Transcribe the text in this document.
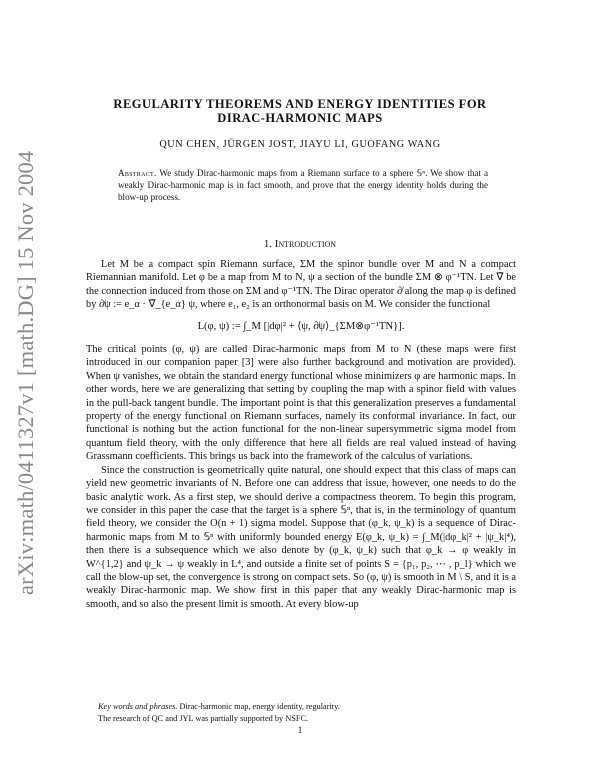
arXiv:math/0411327v1 [math.DG] 15 Nov 2004
REGULARITY THEOREMS AND ENERGY IDENTITIES FOR
DIRAC-HARMONIC MAPS
QUN CHEN, JÜRGEN JOST, JIAYU LI, GUOFANG WANG
Abstract. We study Dirac-harmonic maps from a Riemann surface to a sphere 𝕊ⁿ. We show that a weakly Dirac-harmonic map is in fact smooth, and prove that the energy identity holds during the blow-up process.
1. Introduction

Let M be a compact spin Riemann surface, ΣM the spinor bundle over M and N a compact Riemannian manifold. Let φ be a map from M to N, ψ a section of the bundle ΣM ⊗ φ⁻¹TN. Let ∇̃ be the connection induced from those on ΣM and φ⁻¹TN. The Dirac operator ∂̸ along the map φ is defined by ∂̸ψ := e_α · ∇̃_{e_α} ψ, where e₁, e₂ is an orthonormal basis on M. We consider the functional

L(φ, ψ) := ∫_M [|dφ|² + ⟨ψ, ∂̸ψ⟩_{ΣM⊗φ⁻¹TN}].

The critical points (φ, ψ) are called Dirac-harmonic maps from M to N (these maps were first introduced in our companion paper [3] were also further background and motivation are provided). When ψ vanishes, we obtain the standard energy functional whose minimizers φ are harmonic maps. In other words, here we are generalizing that setting by coupling the map with a spinor field with values in the pull-back tangent bundle. The important point is that this generalization preserves a fundamental property of the energy functional on Riemann surfaces, namely its conformal invariance. In fact, our functional is nothing but the action functional for the non-linear supersymmetric sigma model from quantum field theory, with the only difference that here all fields are real valued instead of having Grassmann coefficients. This brings us back into the framework of the calculus of variations.

Since the construction is geometrically quite natural, one should expect that this class of maps can yield new geometric invariants of N. Before one can address that issue, however, one needs to do the basic analytic work. As a first step, we should derive a compactness theorem. To begin this program, we consider in this paper the case that the target is a sphere 𝕊ⁿ, that is, in the terminology of quantum field theory, we consider the O(n + 1) sigma model. Suppose that (φ_k, ψ_k) is a sequence of Dirac-harmonic maps from M to 𝕊ⁿ with uniformly bounded energy E(φ_k, ψ_k) = ∫_M(|dφ_k|² + |ψ_k|⁴), then there is a subsequence which we also denote by (φ_k, ψ_k) such that φ_k → φ weakly in W^{1,2} and ψ_k → ψ weakly in L⁴, and outside a finite set of points S = {p₁, p₂, ⋯ , p_l} which we call the blow-up set, the convergence is strong on compact sets. So (φ, ψ) is smooth in M \ S, and it is a weakly Dirac-harmonic map. We show first in this paper that any weakly Dirac-harmonic map is smooth, and so also the present limit is smooth. At every blow-up

Key words and phrases. Dirac-harmonic map, energy identity, regularity.

The research of QC and JYL was partially supported by NSFC.

1
